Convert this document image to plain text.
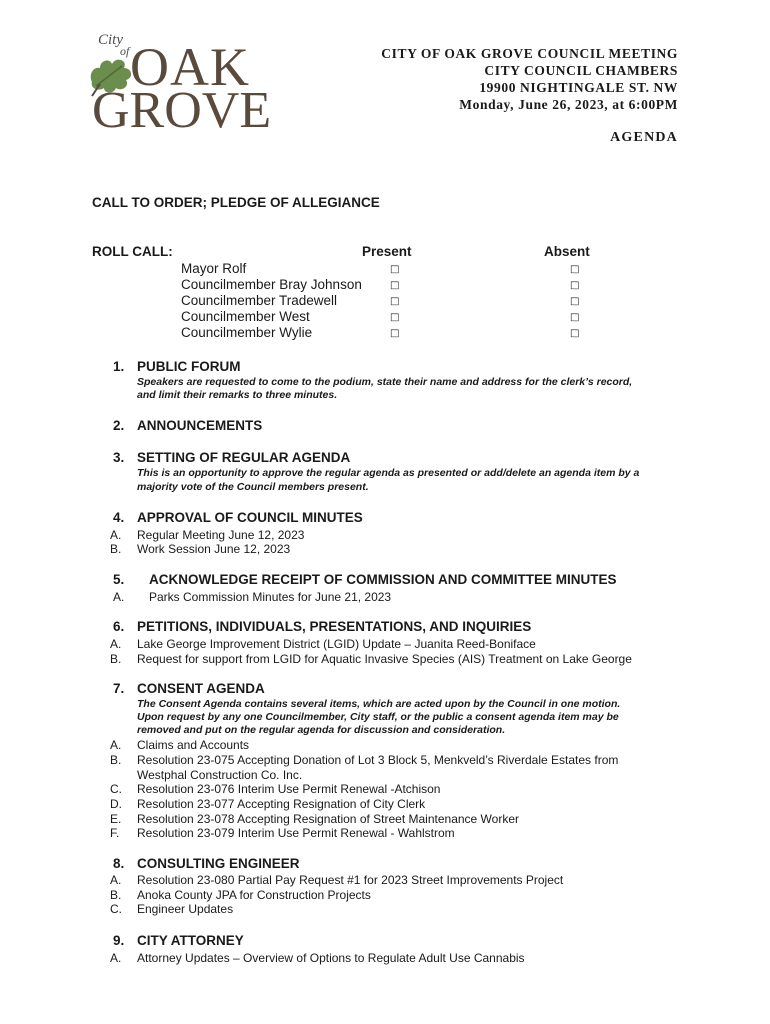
City
of OAK
GROVE
CITY OF OAK GROVE COUNCIL MEETING
CITY COUNCIL CHAMBERS
19900 NIGHTINGALE ST. NW
Monday, June 26, 2023, at 6:00PM
AGENDA
CALL TO ORDER; PLEDGE OF ALLEGIANCE
ROLL CALL:	Present	Absent
Mayor Rolf
Councilmember Bray Johnson
Councilmember Tradewell
Councilmember West
Councilmember Wylie
□
□
□
□
□
□
□
□
□
□
1. PUBLIC FORUM
Speakers are requested to come to the podium, state their name and address for the clerk’s record,
and limit their remarks to three minutes.
2. ANNOUNCEMENTS
3. SETTING OF REGULAR AGENDA
This is an opportunity to approve the regular agenda as presented or add/delete an agenda item by a
majority vote of the Council members present.
4. APPROVAL OF COUNCIL MINUTES
A. Regular Meeting June 12, 2023
B. Work Session June 12, 2023
5. ACKNOWLEDGE RECEIPT OF COMMISSION AND COMMITTEE MINUTES
A. Parks Commission Minutes for June 21, 2023
6. PETITIONS, INDIVIDUALS, PRESENTATIONS, AND INQUIRIES
A. Lake George Improvement District (LGID) Update – Juanita Reed-Boniface
B. Request for support from LGID for Aquatic Invasive Species (AIS) Treatment on Lake George
7. CONSENT AGENDA
The Consent Agenda contains several items, which are acted upon by the Council in one motion.
Upon request by any one Councilmember, City staff, or the public a consent agenda item may be
removed and put on the regular agenda for discussion and consideration.
A. Claims and Accounts
B. Resolution 23-075 Accepting Donation of Lot 3 Block 5, Menkveld’s Riverdale Estates from
Westphal Construction Co. Inc.
C. Resolution 23-076 Interim Use Permit Renewal -Atchison
D. Resolution 23-077 Accepting Resignation of City Clerk
E. Resolution 23-078 Accepting Resignation of Street Maintenance Worker
F. Resolution 23-079 Interim Use Permit Renewal - Wahlstrom
8. CONSULTING ENGINEER
A. Resolution 23-080 Partial Pay Request #1 for 2023 Street Improvements Project
B. Anoka County JPA for Construction Projects
C. Engineer Updates
9. CITY ATTORNEY
A. Attorney Updates – Overview of Options to Regulate Adult Use Cannabis
